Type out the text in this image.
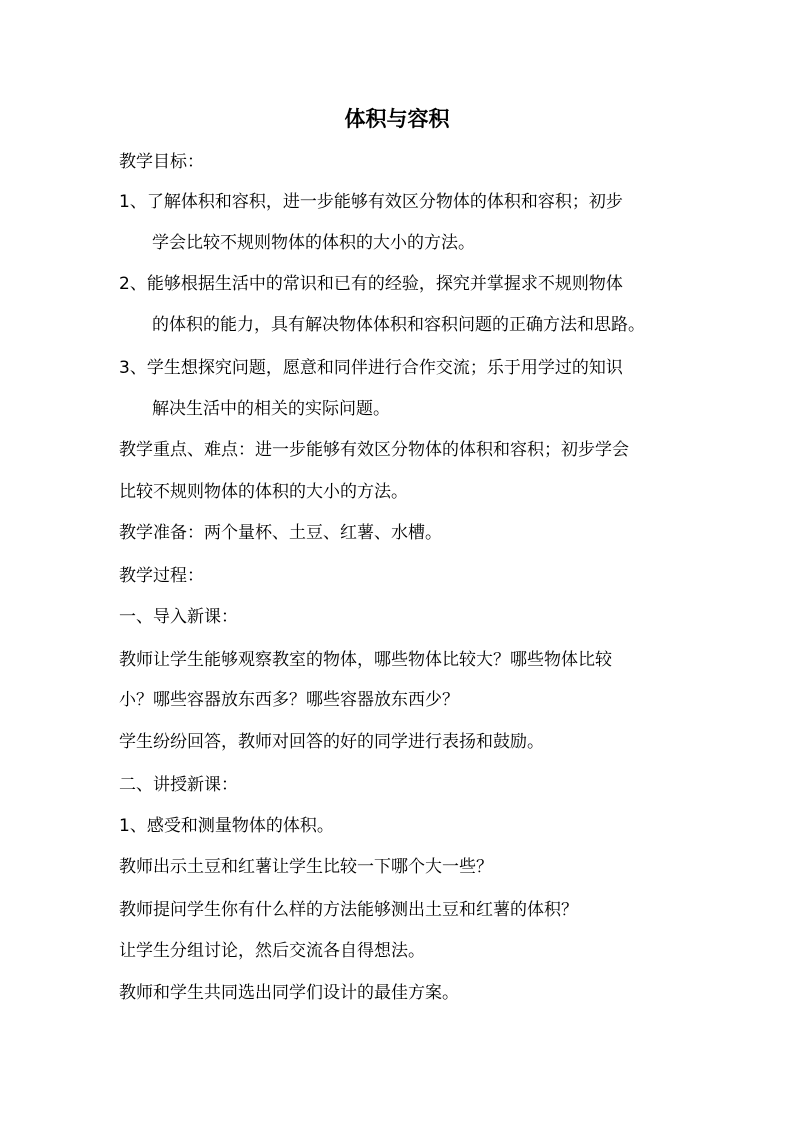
体积与容积
教学目标：
1、了解体积和容积，进一步能够有效区分物体的体积和容积；初步
学会比较不规则物体的体积的大小的方法。
2、能够根据生活中的常识和已有的经验，探究并掌握求不规则物体
的体积的能力，具有解决物体体积和容积问题的正确方法和思路。
3、学生想探究问题，愿意和同伴进行合作交流；乐于用学过的知识
解决生活中的相关的实际问题。
教学重点、难点：进一步能够有效区分物体的体积和容积；初步学会
比较不规则物体的体积的大小的方法。
教学准备：两个量杯、土豆、红薯、水槽。
教学过程：
一、导入新课：
教师让学生能够观察教室的物体，哪些物体比较大？哪些物体比较
小？哪些容器放东西多？哪些容器放东西少？
学生纷纷回答，教师对回答的好的同学进行表扬和鼓励。
二、讲授新课：
1、感受和测量物体的体积。
教师出示土豆和红薯让学生比较一下哪个大一些？
教师提问学生你有什么样的方法能够测出土豆和红薯的体积？
让学生分组讨论，然后交流各自得想法。
教师和学生共同选出同学们设计的最佳方案。
